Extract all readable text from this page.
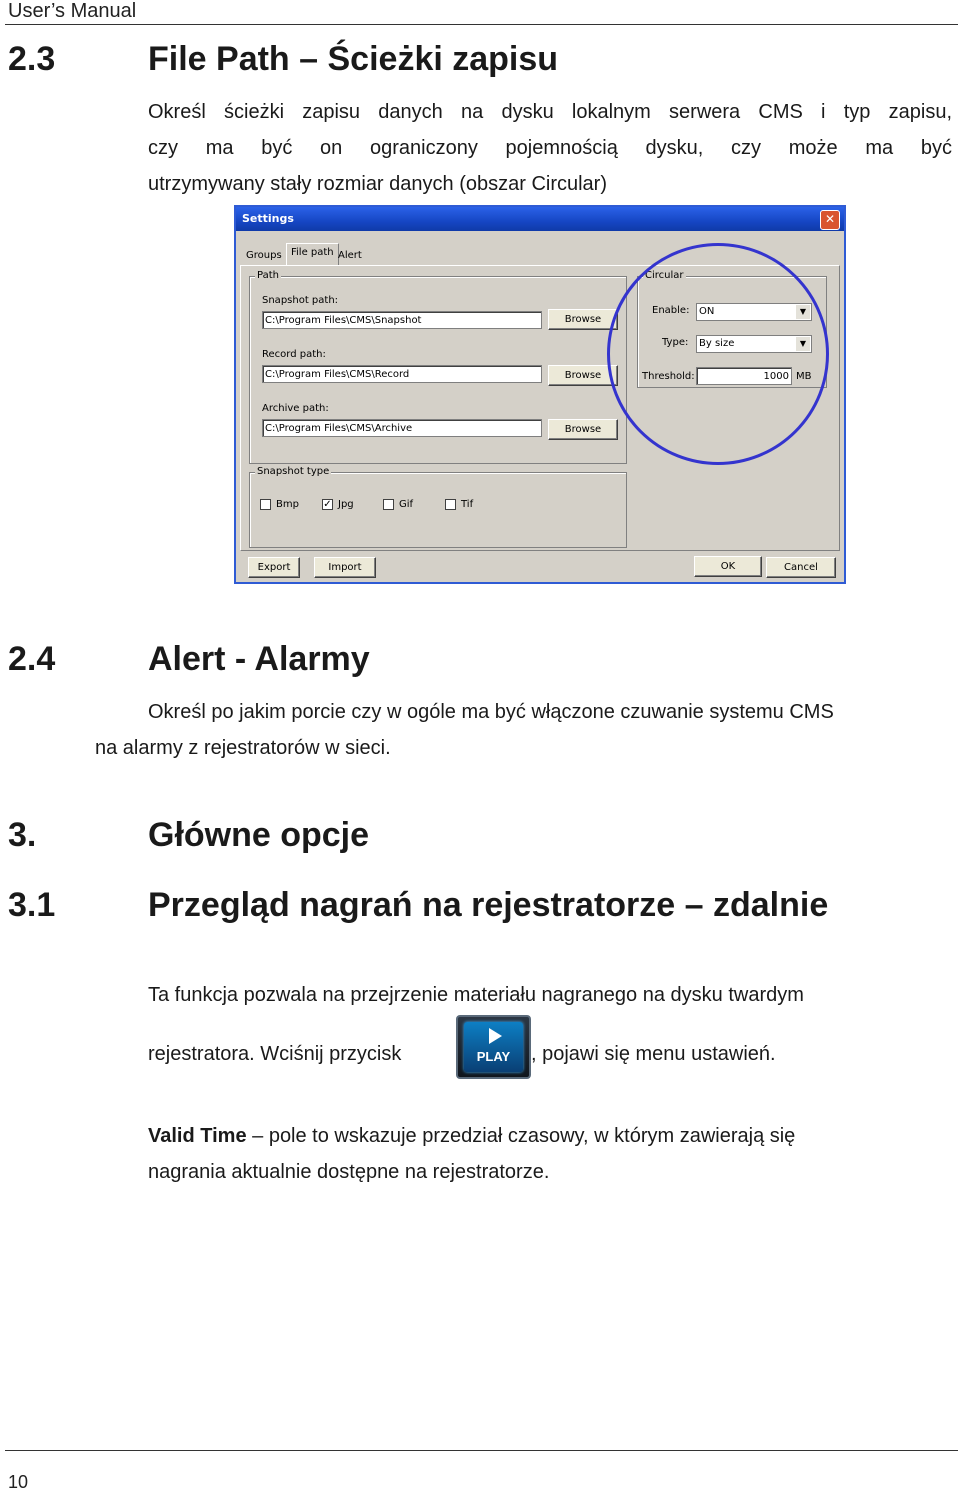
User’s Manual
2.3	File Path – Ścieżki zapisu
Określ ścieżki zapisu danych na dysku lokalnym serwera CMS i typ zapisu,
czy ma być on ograniczony pojemnością dysku, czy może ma być
utrzymywany stały rozmiar danych (obszar Circular)
Settings	✕
Groups File path Alert
Path
Snapshot path:
C:\Program Files\CMS\Snapshot	Browse
Record path:
C:\Program Files\CMS\Record	Browse
Archive path:
C:\Program Files\CMS\Archive	Browse
Circular
Enable: ON	▼
Type:	By size	▼
Threshold:	1000 MB
Snapshot type
Bmp ✓ Jpg	Gif	Tif
Export	Import	OK	Cancel
2.4	Alert - Alarmy
Określ po jakim porcie czy w ogóle ma być włączone czuwanie systemu CMS
na alarmy z rejestratorów w sieci.
3.	Główne opcje
3.1	Przegląd nagrań na rejestratorze – zdalnie
Ta funkcja pozwala na przejrzenie materiału nagranego na dysku twardym
rejestratora. Wciśnij przycisk	PLAY	, pojawi się menu ustawień.
Valid Time – pole to wskazuje przedział czasowy, w którym zawierają się
nagrania aktualnie dostępne na rejestratorze.
10
